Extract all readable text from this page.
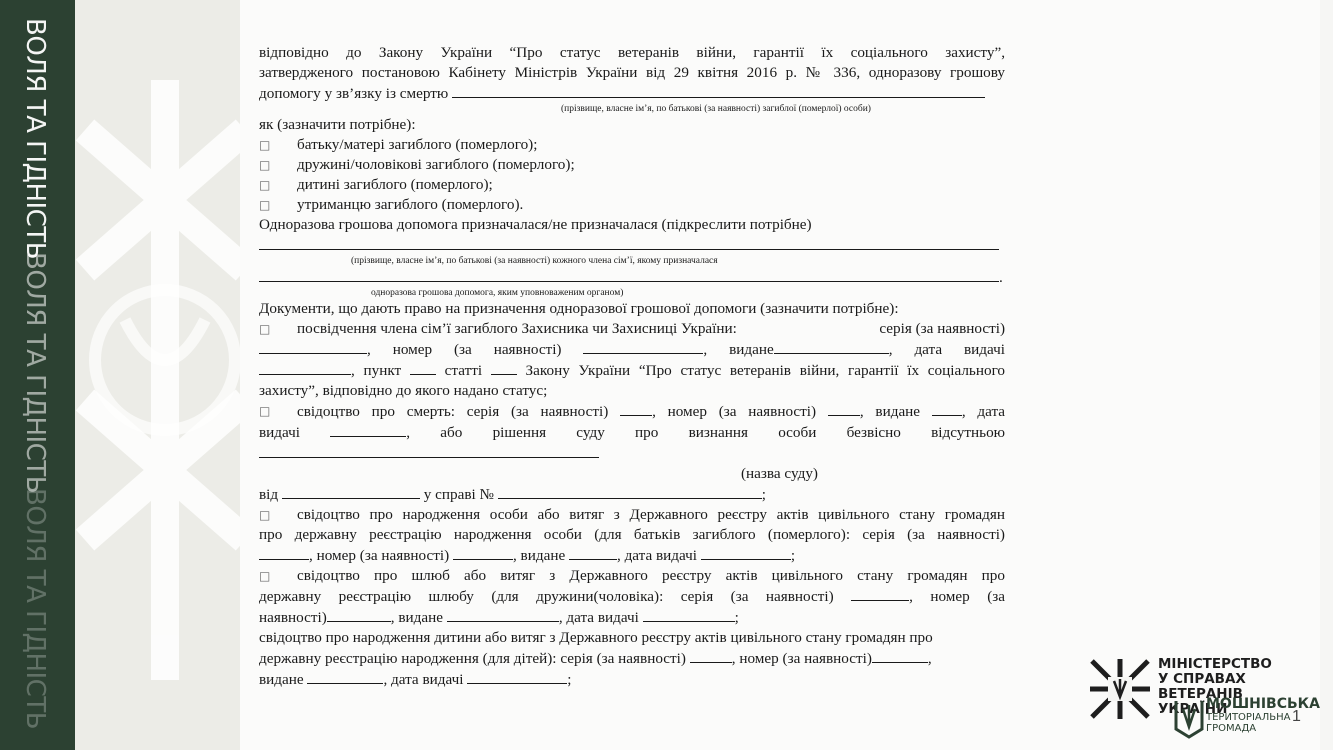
ВОЛЯ ТА ГІДНІСТЬ
ВОЛЯ ТА ГІДНІСТЬ
ВОЛЯ ТА ГІДНІСТЬ

відповідно до Закону України “Про статус ветеранів війни, гарантії їх соціального захисту”,

затвердженого постановою Кабінету Міністрів України від 29 квітня 2016 р. № 336, одноразову грошову

допомогу у зв’язку із смертю

(прізвище, власне ім’я, по батькові (за наявності) загиблої (померлої) особи)

як (зазначити потрібне):

□	батьку/матері загиблого (померлого);
□	дружині/чоловікові загиблого (померлого);
□	дитині загиблого (померлого);
□	утриманцю загиблого (померлого).

Одноразова грошова допомога призначалася/не призначалася (підкреслити потрібне)

(прізвище, власне ім’я, по батькові (за наявності) кожного члена сім’ї, якому призначалася

.

одноразова грошова допомога, яким уповноваженим органом)

Документи, що дають право на призначення одноразової грошової допомоги (зазначити потрібне):

□	посвідчення члена сім’ї загиблого Захисника чи Захисниці України:	серія (за наявності)

, номер (за наявності)	, видане	, дата видачі

, пункт	статті	Закону України “Про статус ветеранів війни, гарантії їх соціального

захисту”, відповідно до якого надано статус;

□	свідоцтво про смерть: серія (за наявності)	, номер (за наявності)	, видане	, дата

видачі	, або рішення суду про визнання особи безвісно відсутньою

(назва суду)

від	у справі №	;

□	свідоцтво про народження особи або витяг з Державного реєстру актів цивільного стану громадян

про державну реєстрацію народження особи (для батьків загиблого (померлого): серія (за наявності)

, номер (за наявності)	, видане	, дата видачі	;

□	свідоцтво про шлюб або витяг з Державного реєстру актів цивільного стану громадян про

державну реєстрацію шлюбу (для дружини(чоловіка): серія (за наявності)	, номер (за

наявності)	, видане	, дата видачі	;

свідоцтво про народження дитини або витяг з Державного реєстру актів цивільного стану громадян про

державну реєстрацію народження (для дітей): серія (за наявності)	, номер (за наявності)	,

видане	, дата видачі	;

МІНІСТЕРСТВО
У СПРАВАХ
ВЕТЕРАНІВ
УКРАЇНИ
МОШНІВСЬКА
ТЕРИТОРІАЛЬНА
ГРОМАДА
1
